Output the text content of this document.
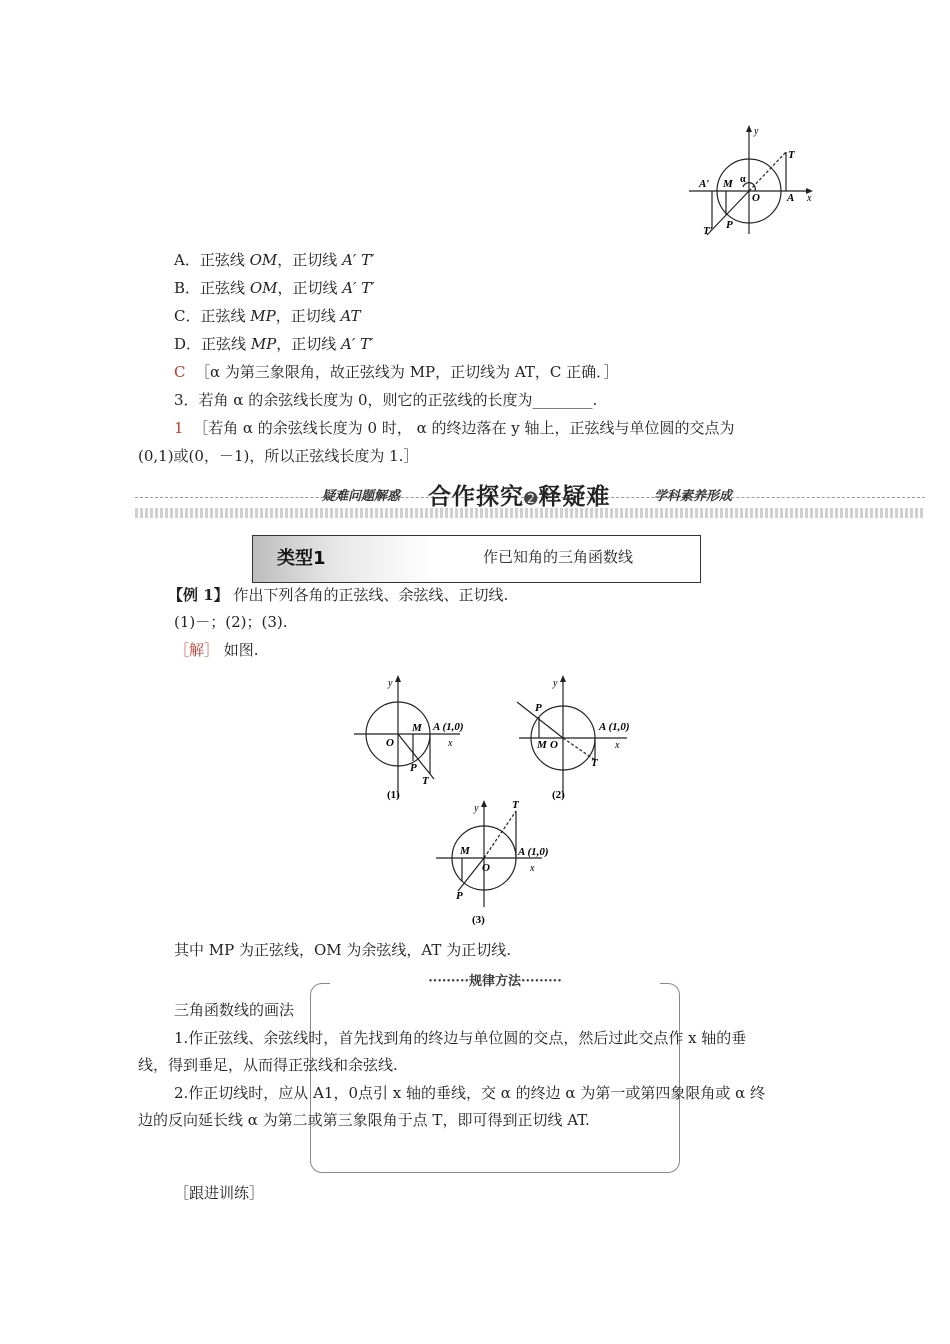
y
x
T
A′ M α
O A
T′ P
A．正弦线 OM，正切线 A′ T′
B．正弦线 OM，正切线 A′ T′
C．正弦线 MP，正切线 AT
D．正弦线 MP，正切线 A′ T′
C ［α 为第三象限角，故正弦线为 MP，正切线为 AT，C 正确．］
3．若角 α 的余弦线长度为 0，则它的正弦线的长度为________.
1 ［若角 α 的余弦线长度为 0 时， α 的终边落在 y 轴上，正弦线与单位圆的交点为
(0,1)或(0，－1)，所以正弦线长度为 1.］
疑难问题解惑 合作探究➋释疑难	学科素养形成
类型1	作已知角的三角函数线
【例 1】 作出下列各角的正弦线、余弦线、正切线.
(1)－；(2)；(3).
［解］ 如图.
y
x
O
M A (1,0)
P
T
(1)
y
x
P
M O
A (1,0)
T
(2)
y
x
T
M
O
A (1,0)
P
(3)
其中 MP 为正弦线，OM 为余弦线，AT 为正切线.
·········规律方法·········
三角函数线的画法
1.作正弦线、余弦线时，首先找到角的终边与单位圆的交点，然后过此交点作 x 轴的垂
线，得到垂足，从而得正弦线和余弦线.
2.作正切线时，应从 A1，0点引 x 轴的垂线，交 α 的终边 α 为第一或第四象限角或 α 终
边的反向延长线 α 为第二或第三象限角于点 T，即可得到正切线 AT.
［跟进训练］
